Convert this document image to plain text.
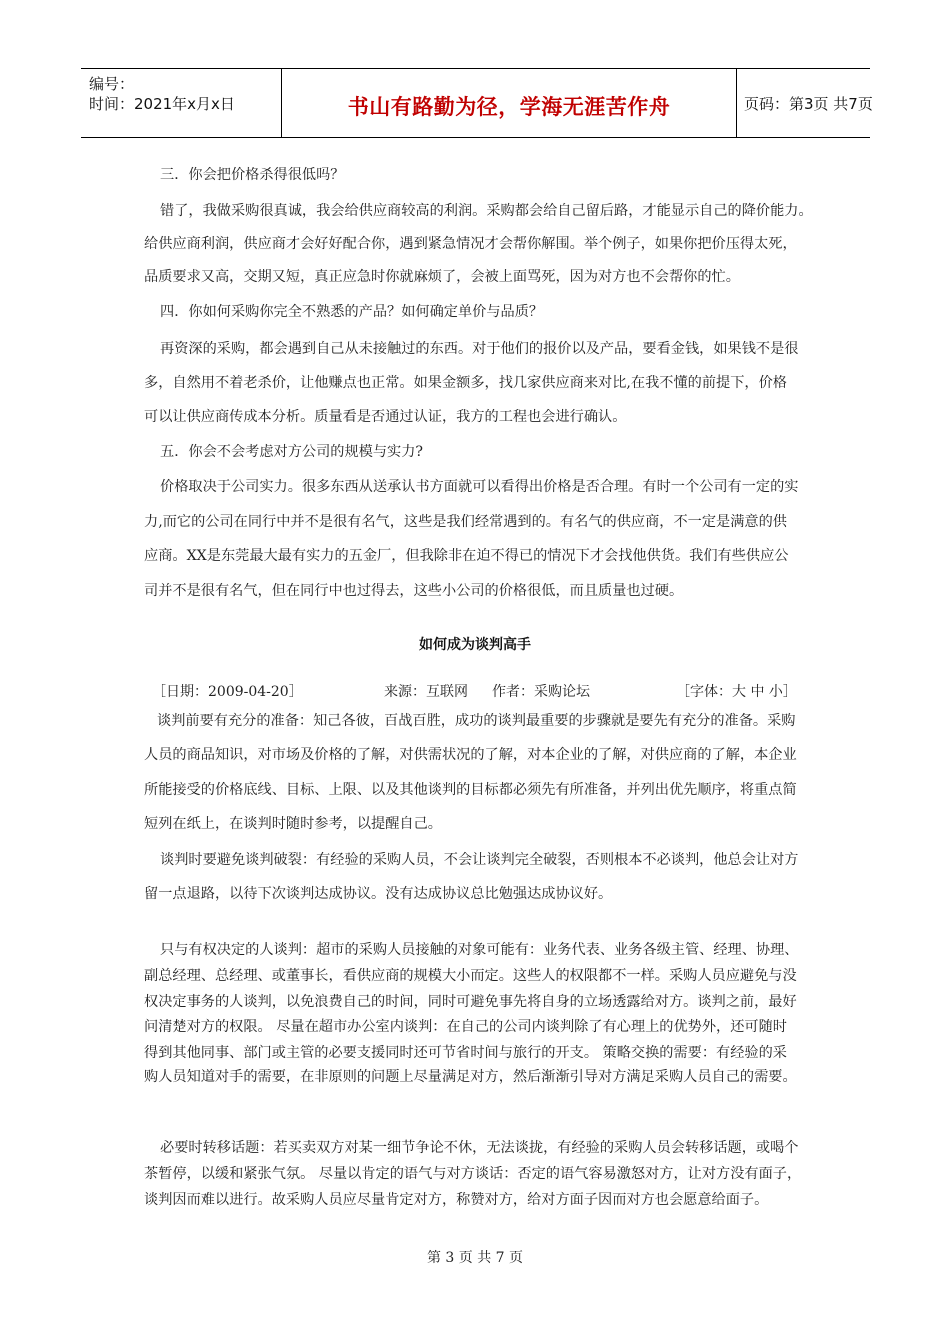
编号：
时间：2021年x月x日	书山有路勤为径，学海无涯苦作舟	页码：第3页 共7页
三．你会把价格杀得很低吗？
错了，我做采购很真诚，我会给供应商较高的利润。采购都会给自己留后路，才能显示自己的降价能力。
给供应商利润，供应商才会好好配合你，遇到紧急情况才会帮你解围。举个例子，如果你把价压得太死，
品质要求又高，交期又短，真正应急时你就麻烦了，会被上面骂死，因为对方也不会帮你的忙。
四．你如何采购你完全不熟悉的产品？如何确定单价与品质？
再资深的采购，都会遇到自己从未接触过的东西。对于他们的报价以及产品，要看金钱，如果钱不是很
多，自然用不着老杀价，让他赚点也正常。如果金额多，找几家供应商来对比,在我不懂的前提下，价格
可以让供应商传成本分析。质量看是否通过认证，我方的工程也会进行确认。
五．你会不会考虑对方公司的规模与实力?
价格取决于公司实力。很多东西从送承认书方面就可以看得出价格是否合理。有时一个公司有一定的实
力,而它的公司在同行中并不是很有名气，这些是我们经常遇到的。有名气的供应商，不一定是满意的供
应商。XX是东莞最大最有实力的五金厂，但我除非在迫不得已的情况下才会找他供货。我们有些供应公
司并不是很有名气，但在同行中也过得去，这些小公司的价格很低，而且质量也过硬。
如何成为谈判高手
［日期：2009-04-20］	来源：互联网 作者：采购论坛	［字体：大 中 小］
谈判前要有充分的准备：知己各彼，百战百胜，成功的谈判最重要的步骤就是要先有充分的准备。采购
人员的商品知识，对市场及价格的了解，对供需状况的了解，对本企业的了解，对供应商的了解，本企业
所能接受的价格底线、目标、上限、以及其他谈判的目标都必须先有所准备，并列出优先顺序，将重点简
短列在纸上，在谈判时随时参考，以提醒自己。
谈判时要避免谈判破裂：有经验的采购人员，不会让谈判完全破裂，否则根本不必谈判，他总会让对方
留一点退路，以待下次谈判达成协议。没有达成协议总比勉强达成协议好。
只与有权决定的人谈判：超市的采购人员接触的对象可能有：业务代表、业务各级主管、经理、协理、
副总经理、总经理、或董事长，看供应商的规模大小而定。这些人的权限都不一样。采购人员应避免与没
权决定事务的人谈判，以免浪费自己的时间，同时可避免事先将自身的立场透露给对方。谈判之前，最好
问清楚对方的权限。 尽量在超市办公室内谈判：在自己的公司内谈判除了有心理上的优势外，还可随时
得到其他同事、部门或主管的必要支援同时还可节省时间与旅行的开支。 策略交换的需要：有经验的采
购人员知道对手的需要，在非原则的问题上尽量满足对方，然后渐渐引导对方满足采购人员自己的需要。
必要时转移话题：若买卖双方对某一细节争论不休，无法谈拢，有经验的采购人员会转移话题，或喝个
茶暂停，以缓和紧张气氛。 尽量以肯定的语气与对方谈话：否定的语气容易激怒对方，让对方没有面子，
谈判因而难以进行。故采购人员应尽量肯定对方，称赞对方，给对方面子因而对方也会愿意给面子。
第 3 页 共 7 页
